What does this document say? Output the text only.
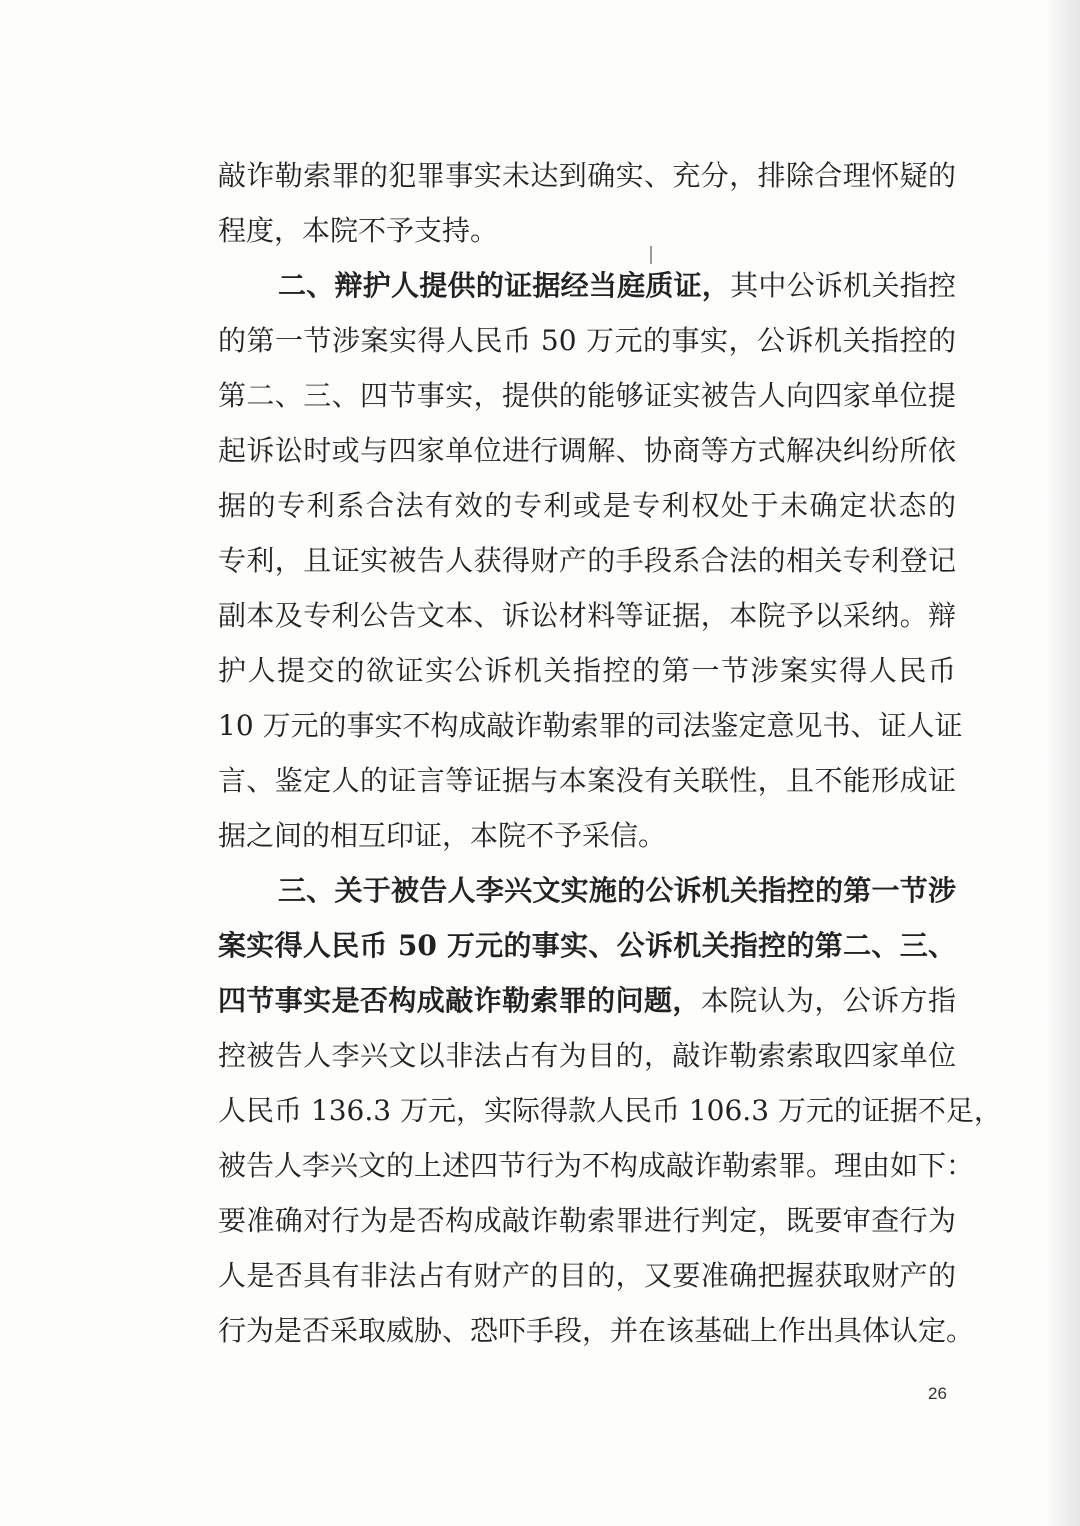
敲诈勒索罪的犯罪事实未达到确实、充分，排除合理怀疑的
程度，本院不予支持。
二、辩护人提供的证据经当庭质证，其中公诉机关指控
的第一节涉案实得人民币 50 万元的事实，公诉机关指控的
第二、三、四节事实，提供的能够证实被告人向四家单位提
起诉讼时或与四家单位进行调解、协商等方式解决纠纷所依
据的专利系合法有效的专利或是专利权处于未确定状态的
专利，且证实被告人获得财产的手段系合法的相关专利登记
副本及专利公告文本、诉讼材料等证据，本院予以采纳。辩
护人提交的欲证实公诉机关指控的第一节涉案实得人民币
10 万元的事实不构成敲诈勒索罪的司法鉴定意见书、证人证
言、鉴定人的证言等证据与本案没有关联性，且不能形成证
据之间的相互印证，本院不予采信。
三、关于被告人李兴文实施的公诉机关指控的第一节涉
案实得人民币 50 万元的事实、公诉机关指控的第二、三、
四节事实是否构成敲诈勒索罪的问题，本院认为，公诉方指
控被告人李兴文以非法占有为目的，敲诈勒索索取四家单位
人民币 136.3 万元，实际得款人民币 106.3 万元的证据不足，
被告人李兴文的上述四节行为不构成敲诈勒索罪。理由如下：
要准确对行为是否构成敲诈勒索罪进行判定，既要审查行为
人是否具有非法占有财产的目的，又要准确把握获取财产的
行为是否采取威胁、恐吓手段，并在该基础上作出具体认定。
26
